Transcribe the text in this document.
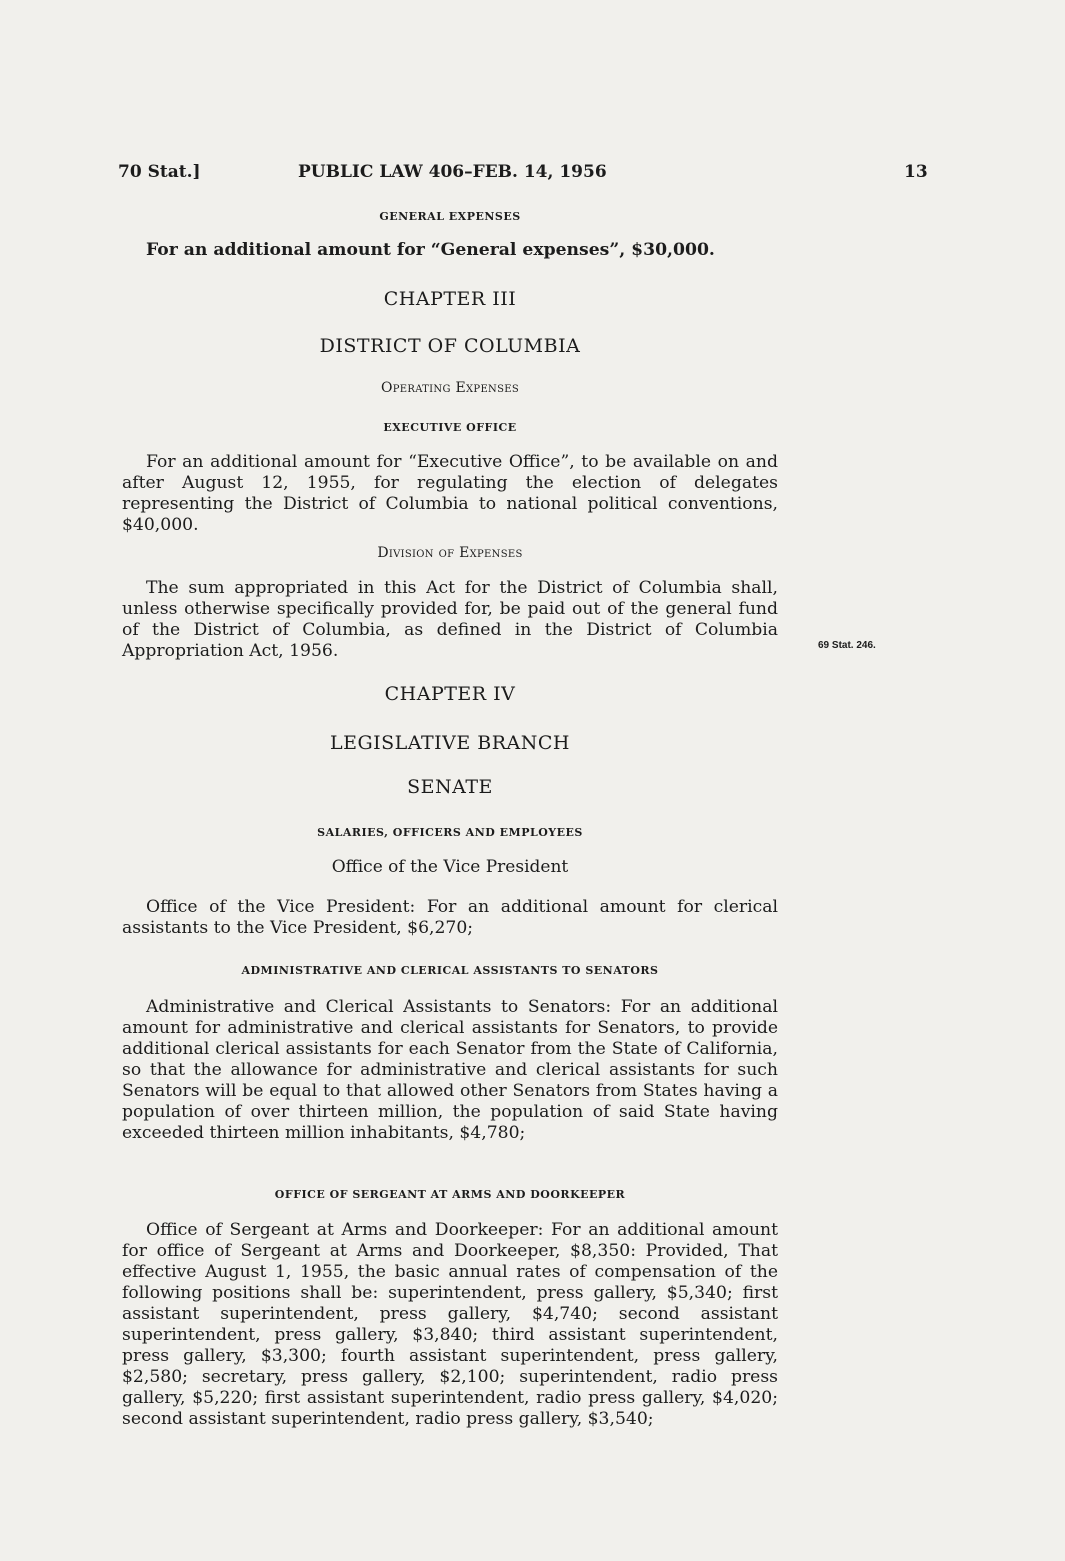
70 Stat.]	PUBLIC LAW 406–FEB. 14, 1956	13
GENERAL EXPENSES

For an additional amount for “General expenses”, $30,000.

CHAPTER III
DISTRICT OF COLUMBIA
Operating Expenses
EXECUTIVE OFFICE

For an additional amount for “Executive Office”, to be available on and after August 12, 1955, for regulating the election of delegates representing the District of Columbia to national political conventions, $40,000.

Division of Expenses

The sum appropriated in this Act for the District of Columbia shall, unless otherwise specifically provided for, be paid out of the general fund of the District of Columbia, as defined in the District of Columbia Appropriation Act, 1956.	69 Stat. 246.
CHAPTER IV
LEGISLATIVE BRANCH
SENATE
SALARIES, OFFICERS AND EMPLOYEES
Office of the Vice President

Office of the Vice President: For an additional amount for clerical assistants to the Vice President, $6,270;

ADMINISTRATIVE AND CLERICAL ASSISTANTS TO SENATORS

Administrative and Clerical Assistants to Senators: For an additional amount for administrative and clerical assistants for Senators, to provide additional clerical assistants for each Senator from the State of California, so that the allowance for administrative and clerical assistants for such Senators will be equal to that allowed other Senators from States having a population of over thirteen million, the population of said State having exceeded thirteen million inhabitants, $4,780;

OFFICE OF SERGEANT AT ARMS AND DOORKEEPER

Office of Sergeant at Arms and Doorkeeper: For an additional amount for office of Sergeant at Arms and Doorkeeper, $8,350: Provided, That effective August 1, 1955, the basic annual rates of compensation of the following positions shall be: superintendent, press gallery, $5,340; first assistant superintendent, press gallery, $4,740; second assistant superintendent, press gallery, $3,840; third assistant superintendent, press gallery, $3,300; fourth assistant superintendent, press gallery, $2,580; secretary, press gallery, $2,100; superintendent, radio press gallery, $5,220; first assistant superintendent, radio press gallery, $4,020; second assistant superintendent, radio press gallery, $3,540;
